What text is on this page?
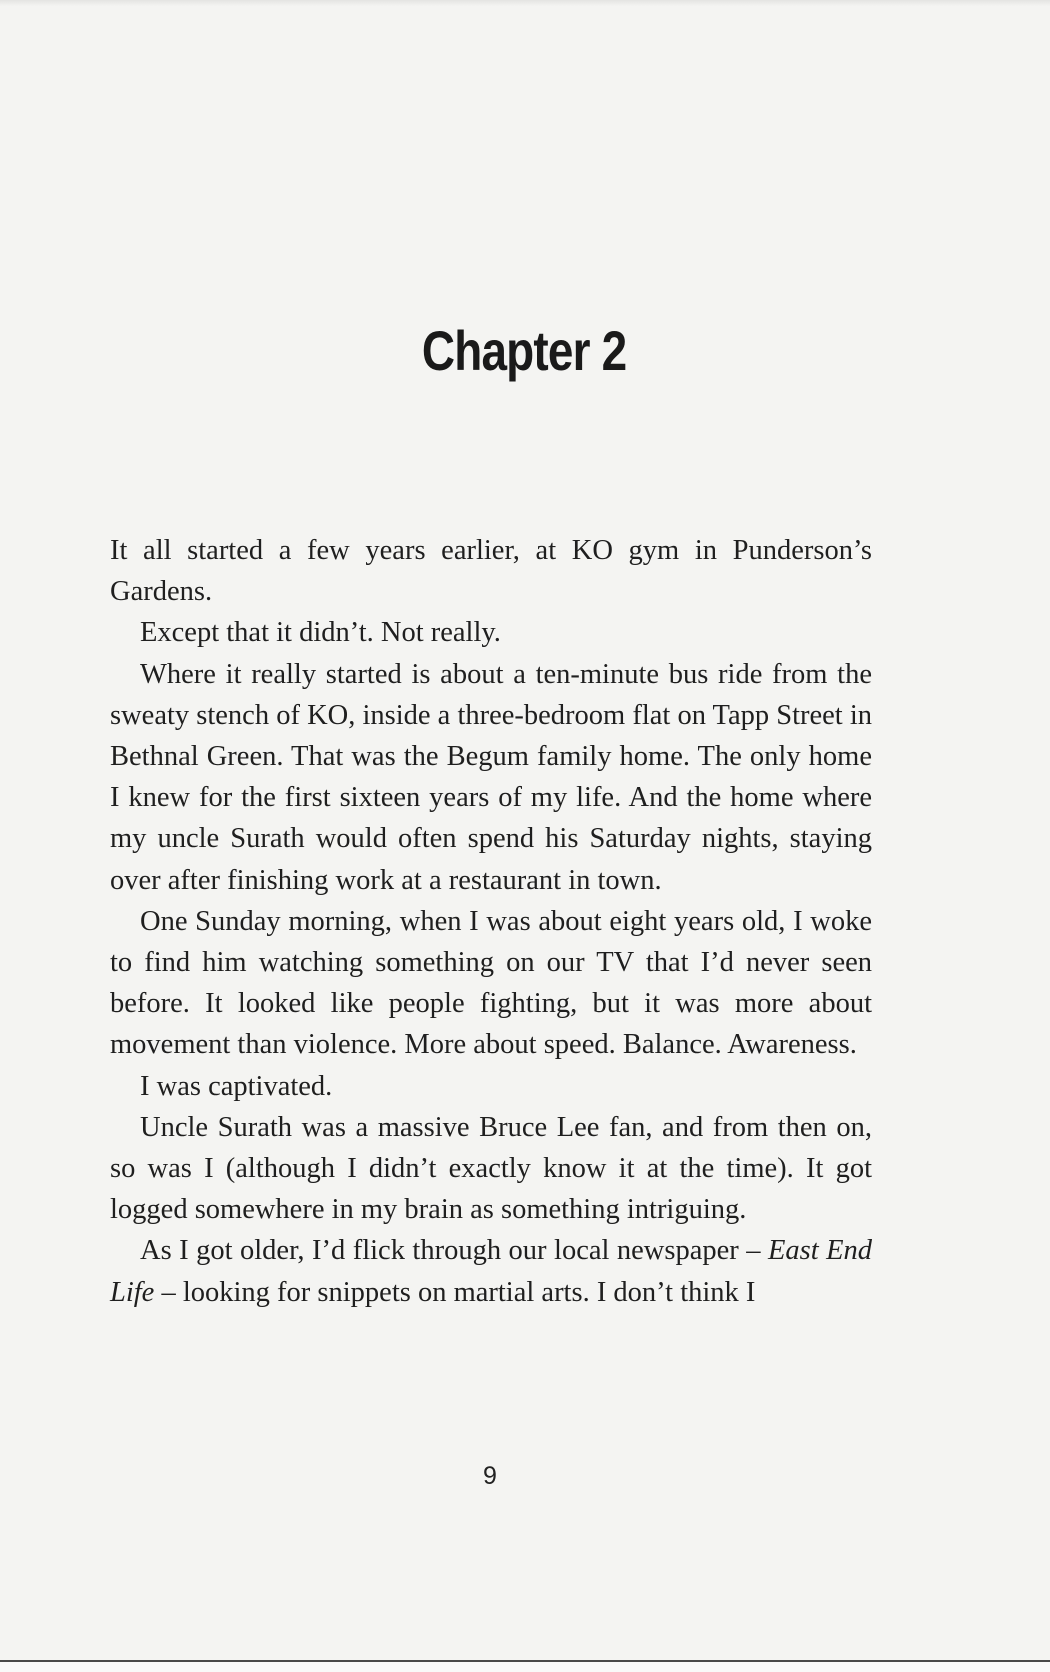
Chapter 2

It all started a few years earlier, at KO gym in Punderson’s Gardens.

Except that it didn’t. Not really.

Where it really started is about a ten-minute bus ride from the sweaty stench of KO, inside a three-bedroom flat on Tapp Street in Bethnal Green. That was the Begum family home. The only home I knew for the first sixteen years of my life. And the home where my uncle Surath would often spend his Saturday nights, staying over after finishing work at a restaurant in town.

One Sunday morning, when I was about eight years old, I woke to find him watching something on our TV that I’d never seen before. It looked like people fighting, but it was more about movement than violence. More about speed. Balance. Awareness.

I was captivated.

Uncle Surath was a massive Bruce Lee fan, and from then on, so was I (although I didn’t exactly know it at the time). It got logged somewhere in my brain as something intriguing.

As I got older, I’d flick through our local newspaper – East End Life – looking for snippets on martial arts. I don’t think I

9
